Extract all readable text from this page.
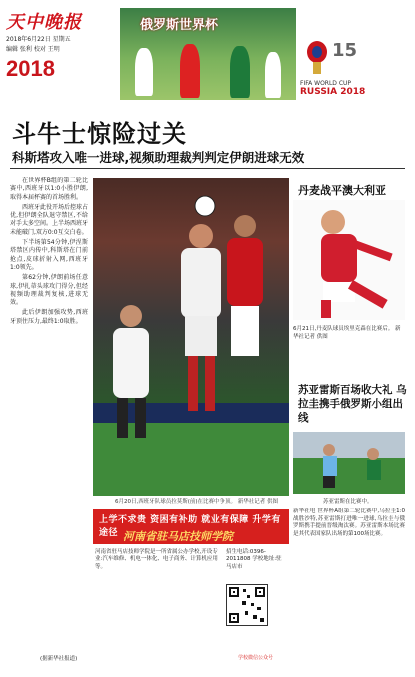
天中晚报
2018年6月22日 星期五
编辑 张利 校对 王明
2018
俄罗斯世界杯
15
FIFA WORLD CUP
RUSSIA 2018
斗牛士惊险过关
科斯塔攻入唯一进球,视频助理裁判判定伊朗进球无效

在世界杯B组的第二轮比赛中,西班牙以1:0小胜伊朗,取得本届杯赛的首场胜利。

西班牙此役开场后控球占优,但伊朗全队退守禁区,不给对手太多空间。上半场西班牙未能破门,双方0:0互交白卷。

下半场第54分钟,伊涅斯塔禁区内传中,科斯塔在门前抢点,皮球折射入网,西班牙1:0领先。

第62分钟,伊朗前场任意球,伊扎蒂头球攻门得分,但经视频助理裁判复核,进球无效。

此后伊朗加强攻势,西班牙顶住压力,最终1:0取胜。

(据新华社报道)
6月20日,西班牙队球员拉莫斯(前)在比赛中争顶。 新华社记者 供图
丹麦战平澳大利亚
6月21日,丹麦队球员埃里克森在比赛后。 新华社记者 供图
苏亚雷斯百场收大礼 乌拉圭携手俄罗斯小组出线
苏亚雷斯在比赛中。
新华社电 世界杯A组第二轮比赛中,乌拉圭1:0战胜沙特,苏亚雷斯打进唯一进球,乌拉圭与俄罗斯携手提前晋级淘汰赛。苏亚雷斯本场比赛是其代表国家队出场的第100场比赛。
上学不求贵 资困有补助 就业有保障 升学有途径 河南省驻马店技师学院
河南省驻马店技师学院是一所省属公办学校,开设专业:汽车维修、机电一体化、电子商务、计算机应用等。
招生电话:0396-2011808 学校地址:驻马店市
学校微信公众号
